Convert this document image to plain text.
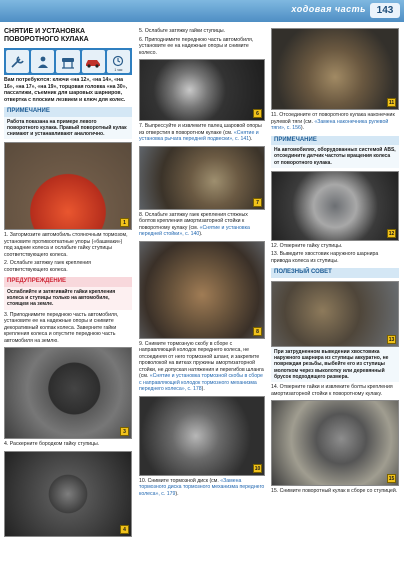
ходовая часть	143
СНЯТИЕ И УСТАНОВКА ПОВОРОТНОГО КУЛАКА
1 час

Вам потребуются: ключи «на 12», «на 14», «на 16», «на 17», «на 19», торцовая головка «на 30», пассатижи, съемник для шаровых шарниров, отвертка с плоским лезвием и ключ для колес.

ПРИМЕЧАНИЕ
Работа показана на примере левого поворотного кулака. Правый поворотный кулак снимают и устанавливают аналогично.
1

1. Затормозите автомобиль стояночным тормозом, установите противооткатные упоры («башмаки») под задние колеса и ослабьте гайку ступицы соответствующего колеса.

2. Ослабьте затяжку гаек крепления соответствующего колеса.

ПРЕДУПРЕЖДЕНИЕ
Ослабляйте и затягивайте гайки крепления колеса и ступицы только на автомобиле, стоящем на земле.

3. Приподнимите переднюю часть автомобиля, установите ее на надежные опоры и снимите декоративный колпак колеса. Заверните гайки крепления колеса и опустите переднюю часть автомобиля на землю.

3

4. Раскерните бородком гайку ступицы.

4

5. Ослабьте затяжку гайки ступицы.

6. Приподнимите переднюю часть автомобиля, установите ее на надежные опоры и снимите колесо.

6

7. Выпрессуйте и извлеките палец шаровой опоры из отверстия в поворотном кулаке (см. «Снятие и установка рычага передней подвески», с. 141).

7

8. Ослабьте затяжку гаек крепления стяжных болтов крепления амортизаторной стойки к поворотному кулаку (см. «Снятие и установка передней стойки», с. 140).

8

9. Снимите тормозную скобу в сборе с направляющей колодок переднего колеса, не отсоединяя от него тормозной шланг, и закрепите проволокой на витках пружины амортизаторной стойки, не допуская натяжения и перегибов шланга (см. «Снятие и установка тормозной скобы в сборе с направляющей колодок тормозного механизма переднего колеса», с. 178).

10

10. Снимите тормозной диск (см. «Замена тормозного диска тормозного механизма переднего колеса», с. 179).

11

11. Отсоедините от поворотного кулака наконечник рулевой тяги (см. «Замена наконечника рулевой тяги», с. 156).

ПРИМЕЧАНИЕ
На автомобилях, оборудованных системой ABS, отсоедините датчик частоты вращения колеса от поворотного кулака.
12

12. Отверните гайку ступицы.

13. Выведите хвостовик наружного шарнира привода колеса из ступицы.

ПОЛЕЗНЫЙ СОВЕТ
13
При затрудненном выведении хвостовика наружного шарнира из ступицы аккуратно, не повреждая резьбы, выбейте его из ступицы молотком через выколотку или деревянный брусок подходящего размера.

14. Отверните гайки и извлеките болты крепления амортизаторной стойки к поворотному кулаку.

15

15. Снимите поворотный кулак в сборе со ступицей.
